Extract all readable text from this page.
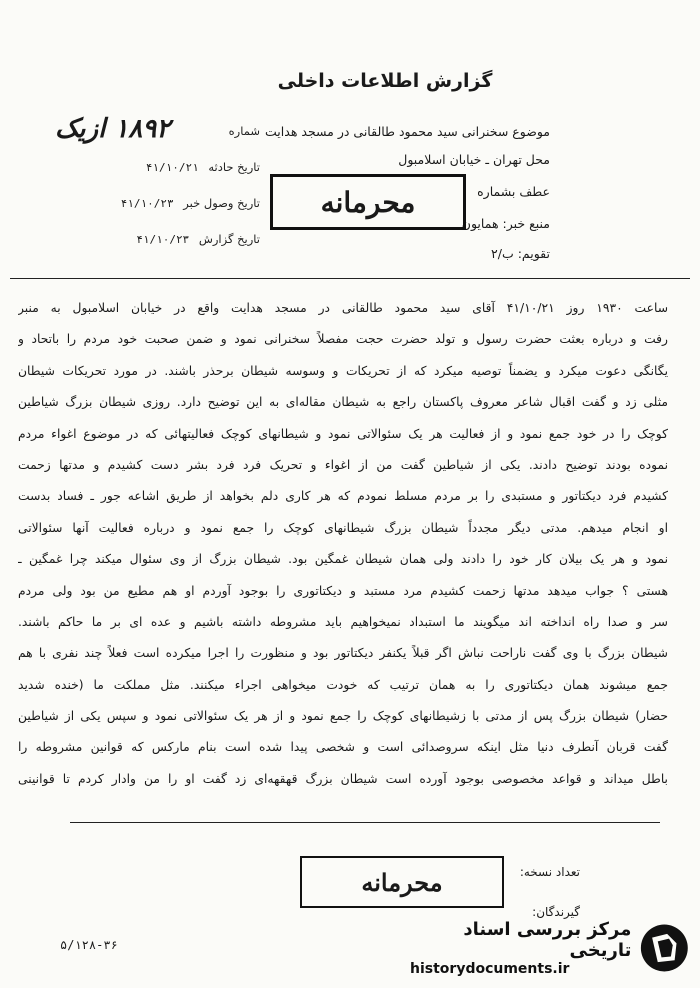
گزارش اطلاعات داخلی
شماره
۱۸۹۲ ازیک
تاریخ حادثه ۴۱/۱۰/۲۱
تاریخ وصول خبر ۴۱/۱۰/۲۳
تاریخ گزارش ۴۱/۱۰/۲۳
موضوع سخنرانی سید محمود طالقانی در مسجد هدایت
محل تهران ـ خیابان اسلامبول
عطف بشماره
منبع خبر: همایون
تقویم: ب/۲
محرمانه
ساعت ۱۹۳۰ روز ۴۱/۱۰/۲۱ آقای سید محمود طالقانی در مسجد هدایت واقع در خیابان اسلامبول به منبر
رفت و درباره بعثت حضرت رسول و تولد حضرت حجت مفصلاً سخنرانی نمود و ضمن صحبت خود مردم را باتحاد و
یگانگی دعوت میکرد و یضمناً توصیه میکرد که از تحریکات و وسوسه شیطان برحذر باشند. در مورد تحریکات شیطان
مثلی زد و گفت اقبال شاعر معروف پاکستان راجع به شیطان مقاله‌ای به این توضیح دارد. روزی شیطان بزرگ شیاطین
کوچک را در خود جمع نمود و از فعالیت هر یک سئوالاتی نمود و شیطانهای کوچک فعالیتهائی که در موضوع اغواء مردم
نموده بودند توضیح دادند. یکی از شیاطین گفت من از اغواء و تحریک فرد فرد بشر دست کشیدم و مدتها زحمت
کشیدم فرد دیکتاتور و مستبدی را بر مردم مسلط نمودم که هر کاری دلم بخواهد از طریق اشاعه جور ـ فساد بدست
او انجام میدهم. مدتی دیگر مجدداً شیطان بزرگ شیطانهای کوچک را جمع نمود و درباره فعالیت آنها سئوالاتی
نمود و هر یک بیلان کار خود را دادند ولی همان شیطان غمگین بود. شیطان بزرگ از وی سئوال میکند چرا غمگین ـ
هستی ؟ جواب میدهد مدتها زحمت کشیدم مرد مستبد و دیکتاتوری را بوجود آوردم او هم مطیع من بود ولی مردم
سر و صدا راه انداخته اند میگویند ما استبداد نمیخواهیم باید مشروطه داشته باشیم و عده ای بر ما حاکم باشند.
شیطان بزرگ با وی گفت ناراحت نباش اگر قبلاً یکنفر دیکتاتور بود و منظورت را اجرا میکرده است فعلاً چند نفری با هم
جمع میشوند همان دیکتاتوری را به همان ترتیب که خودت میخواهی اجراء میکنند. مثل مملکت ما (خنده شدید
حضار) شیطان بزرگ پس از مدتی با زشیطانهای کوچک را جمع نمود و از هر یک سئوالاتی نمود و سپس یکی از شیاطین
گفت قربان آنطرف دنیا مثل اینکه سروصدائی است و شخصی پیدا شده است بنام مارکس که قوانین مشروطه را
باطل میداند و قواعد مخصوصی بوجود آورده است شیطان بزرگ قهقهه‌ای زد گفت او را من وادار کردم تا قوانینی
تعداد نسخه:
گیرندگان:
محرمانه
۵/۱۲۸-۳۶
مرکز بررسی اسناد تاریخی
historydocuments.ir
